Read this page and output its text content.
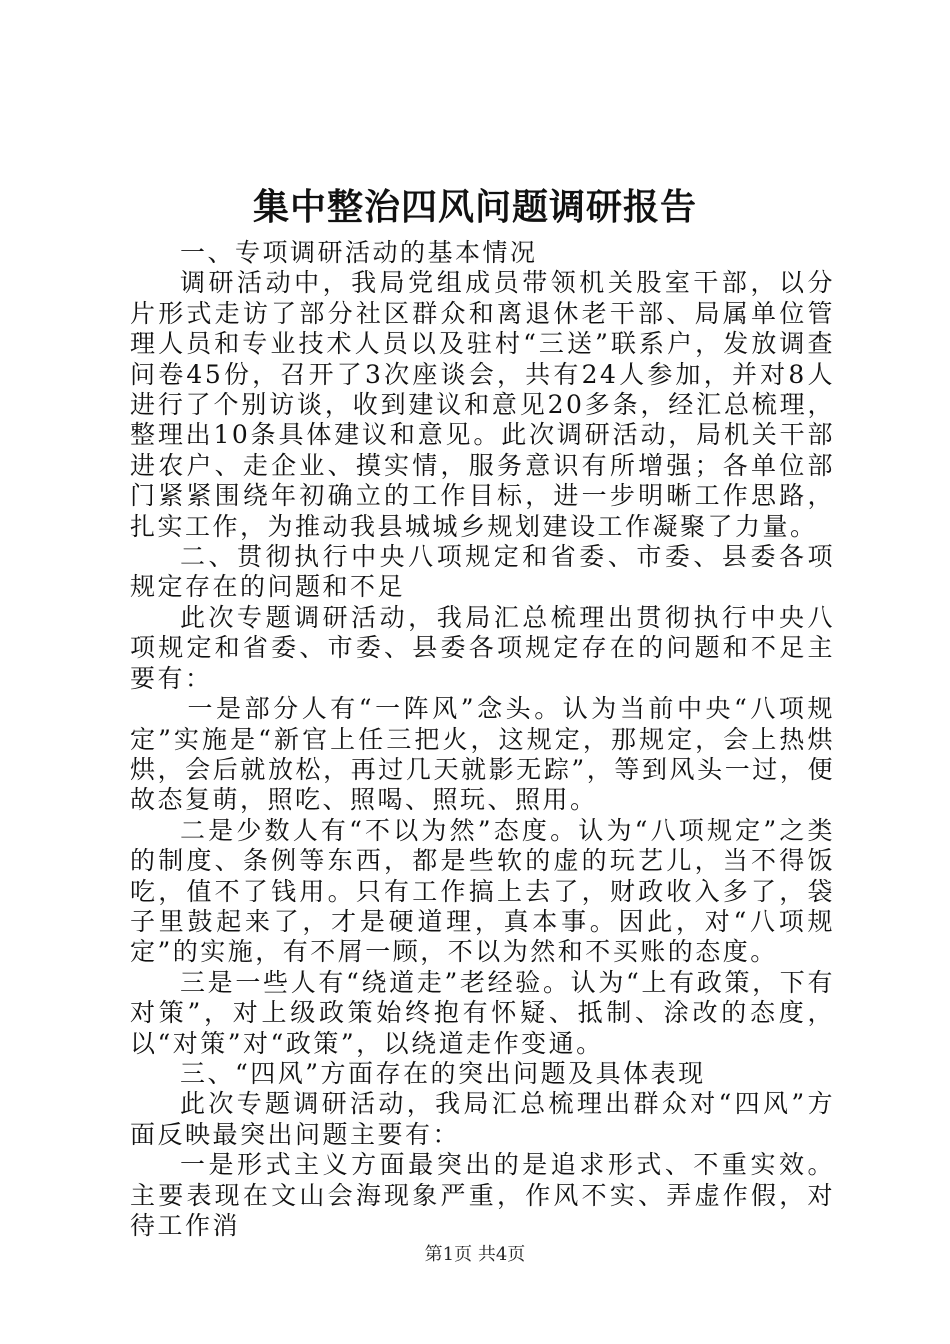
集中整治四风问题调研报告

一、专项调研活动的基本情况

调研活动中，我局党组成员带领机关股室干部，以分片形式走访了部分社区群众和离退休老干部、局属单位管理人员和专业技术人员以及驻村“三送”联系户，发放调查问卷45份，召开了3次座谈会，共有24人参加，并对8人进行了个别访谈，收到建议和意见20多条，经汇总梳理，整理出10条具体建议和意见。此次调研活动，局机关干部进农户、走企业、摸实情，服务意识有所增强；各单位部门紧紧围绕年初确立的工作目标，进一步明晰工作思路，扎实工作，为推动我县城城乡规划建设工作凝聚了力量。

二、贯彻执行中央八项规定和省委、市委、县委各项规定存在的问题和不足

此次专题调研活动，我局汇总梳理出贯彻执行中央八项规定和省委、市委、县委各项规定存在的问题和不足主要有：

一是部分人有“一阵风”念头。认为当前中央“八项规定”实施是“新官上任三把火，这规定，那规定，会上热烘烘，会后就放松，再过几天就影无踪”，等到风头一过，便故态复萌，照吃、照喝、照玩、照用。

二是少数人有“不以为然”态度。认为“八项规定”之类的制度、条例等东西，都是些软的虚的玩艺儿，当不得饭吃，值不了钱用。只有工作搞上去了，财政收入多了，袋子里鼓起来了，才是硬道理，真本事。因此，对“八项规定”的实施，有不屑一顾，不以为然和不买账的态度。

三是一些人有“绕道走”老经验。认为“上有政策，下有对策”，对上级政策始终抱有怀疑、抵制、涂改的态度，以“对策”对“政策”，以绕道走作变通。

三、“四风”方面存在的突出问题及具体表现

此次专题调研活动，我局汇总梳理出群众对“四风”方面反映最突出问题主要有：

一是形式主义方面最突出的是追求形式、不重实效。主要表现在文山会海现象严重，作风不实、弄虚作假，对待工作消

第1页 共4页
